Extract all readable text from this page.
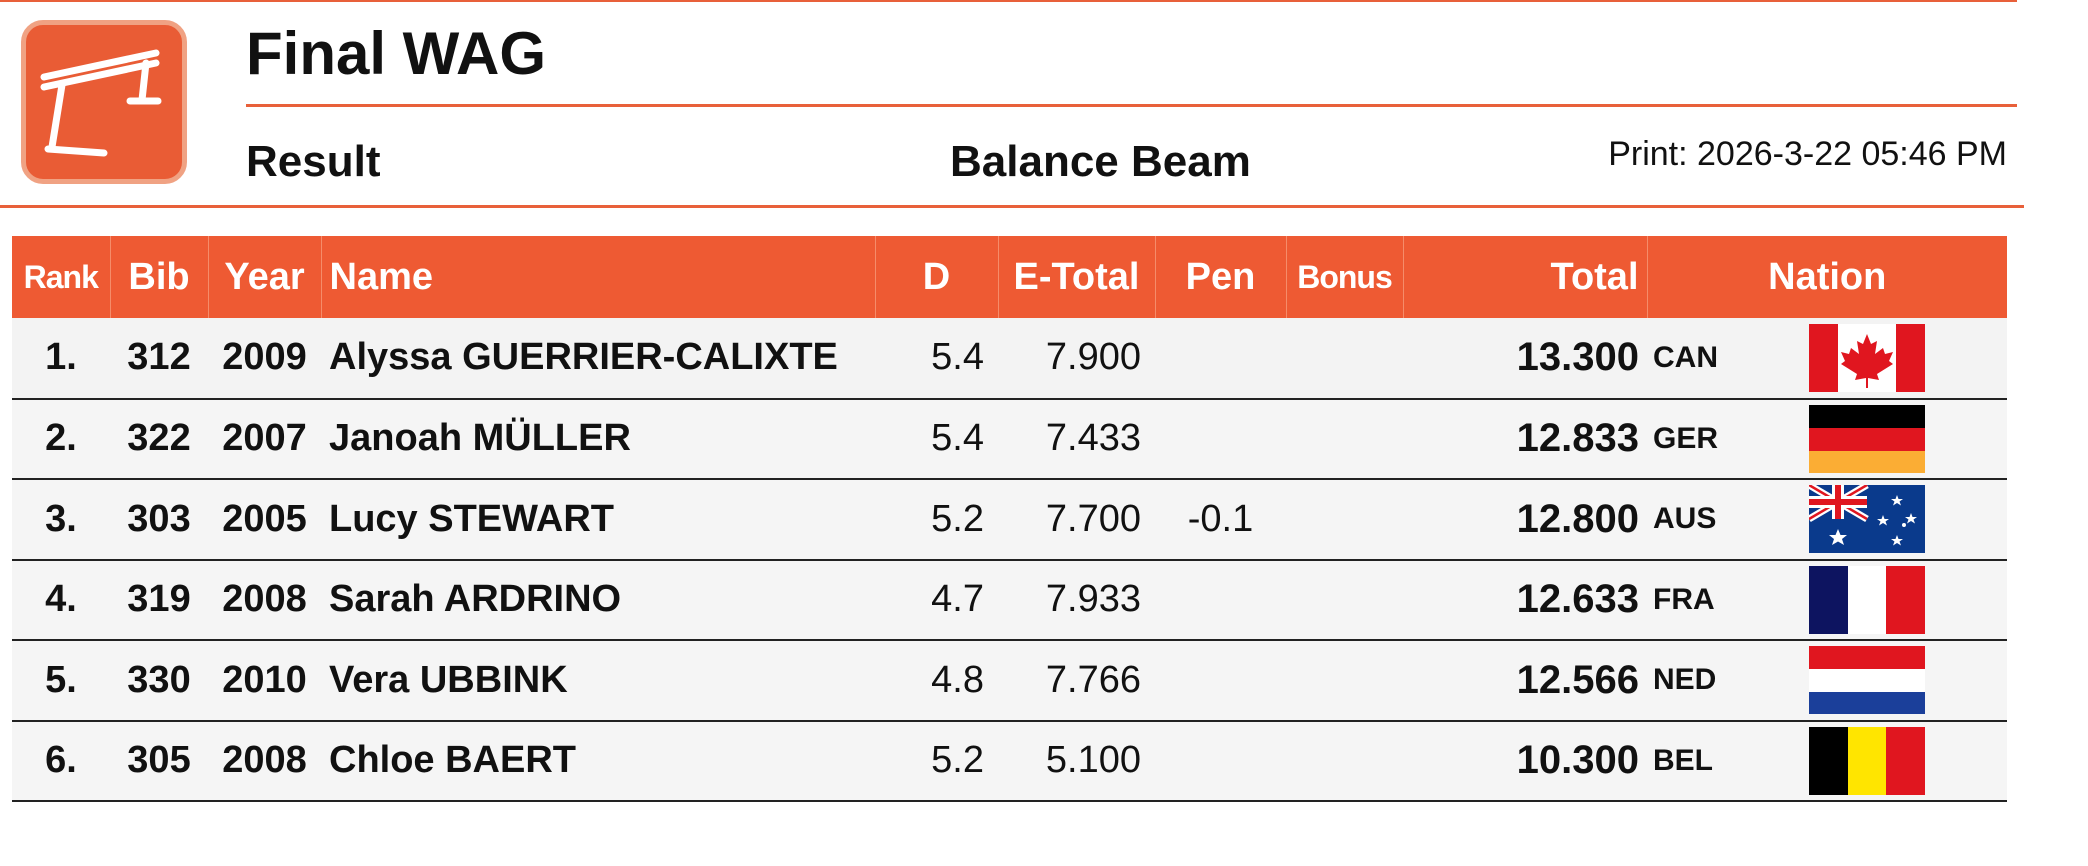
Final WAG
Result	Balance Beam	Print: 2026-3-22 05:46 PM
Rank	Bib	Year	Name	D	E-Total	Pen	Bonus	Total	Nation	
1.	312	2009	Alyssa GUERRIER-CALIXTE	5.4	7.900			13.300	CAN	

2.	322	2007	Janoah MÜLLER	5.4	7.433			12.833	GER	

3.	303	2005	Lucy STEWART	5.2	7.700	-0.1		12.800	AUS	

4.	319	2008	Sarah ARDRINO	4.7	7.933			12.633	FRA	

5.	330	2010	Vera UBBINK	4.8	7.766			12.566	NED	

6.	305	2008	Chloe BAERT	5.2	5.100			10.300	BEL	
